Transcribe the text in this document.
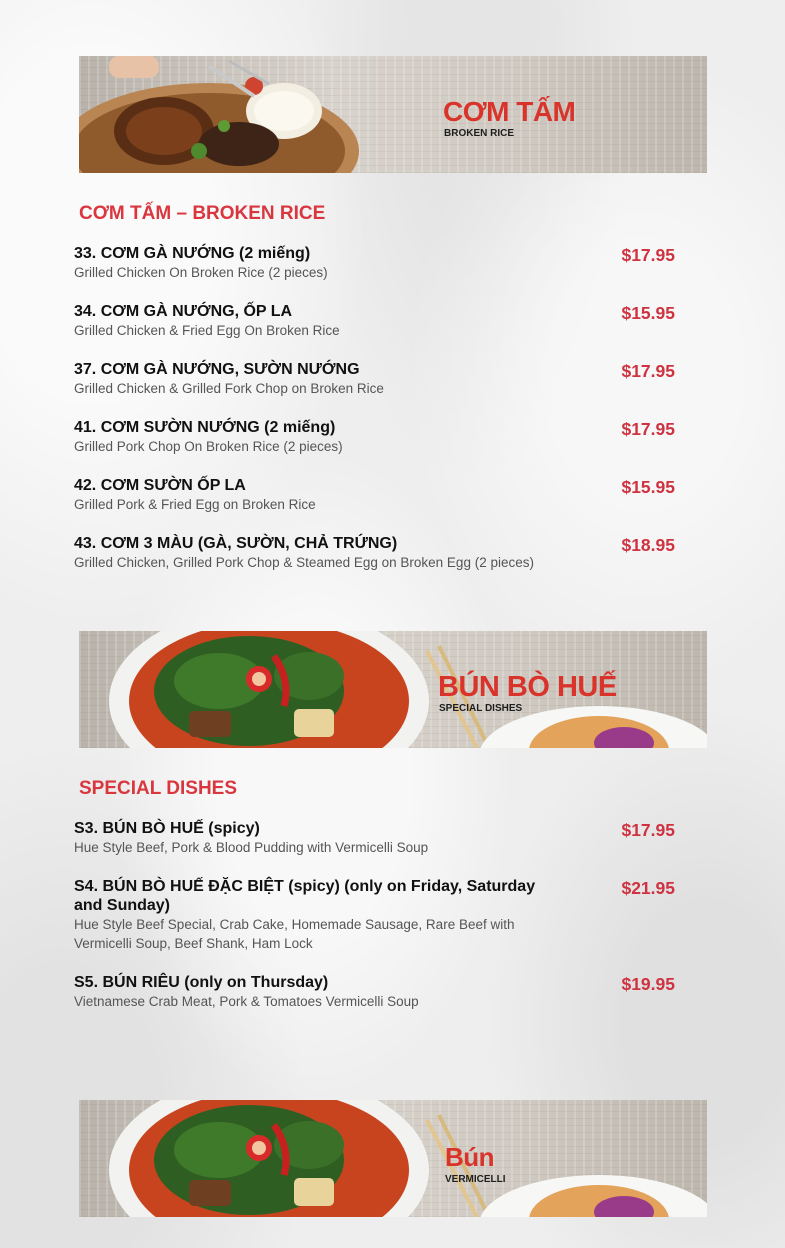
CƠM TẤM
BROKEN RICE
CƠM TẤM – BROKEN RICE
33. CƠM GÀ NƯỚNG (2 miếng)
Grilled Chicken On Broken Rice (2 pieces)
$17.95
34. CƠM GÀ NƯỚNG, ỐP LA
Grilled Chicken & Fried Egg On Broken Rice
$15.95
37. CƠM GÀ NƯỚNG, SƯỜN NƯỚNG
Grilled Chicken & Grilled Fork Chop on Broken Rice
$17.95
41. CƠM SƯỜN NƯỚNG (2 miếng)
Grilled Pork Chop On Broken Rice (2 pieces)
$17.95
42. CƠM SƯỜN ỐP LA
Grilled Pork & Fried Egg on Broken Rice
$15.95
43. CƠM 3 MÀU (GÀ, SƯỜN, CHẢ TRỨNG)
Grilled Chicken, Grilled Pork Chop & Steamed Egg on Broken Egg (2 pieces)
$18.95
BÚN BÒ HUẾ
SPECIAL DISHES
SPECIAL DISHES
S3. BÚN BÒ HUẾ (spicy)
Hue Style Beef, Pork & Blood Pudding with Vermicelli Soup
$17.95
S4. BÚN BÒ HUẾ ĐẶC BIỆT (spicy) (only on Friday, Saturday and Sunday)
Hue Style Beef Special, Crab Cake, Homemade Sausage, Rare Beef with Vermicelli Soup, Beef Shank, Ham Lock
$21.95
S5. BÚN RIÊU (only on Thursday)
Vietnamese Crab Meat, Pork & Tomatoes Vermicelli Soup
$19.95
Bún
VERMICELLI
